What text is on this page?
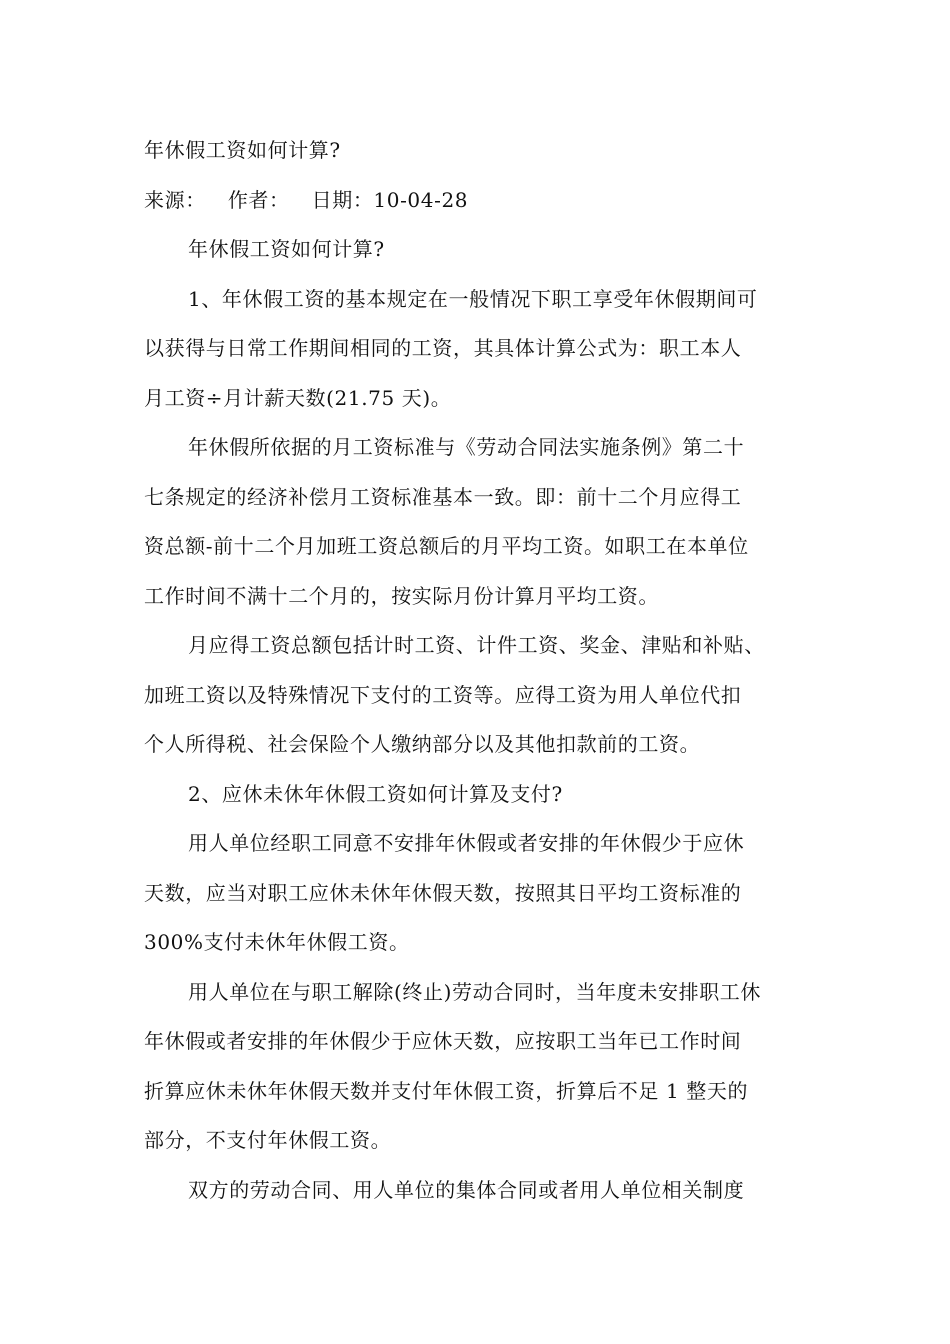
年休假工资如何计算?
来源： 作者： 日期：10-04-28
年休假工资如何计算?
1、年休假工资的基本规定在一般情况下职工享受年休假期间可
以获得与日常工作期间相同的工资，其具体计算公式为：职工本人
月工资÷月计薪天数(21.75 天)。
年休假所依据的月工资标准与《劳动合同法实施条例》第二十
七条规定的经济补偿月工资标准基本一致。即：前十二个月应得工
资总额-前十二个月加班工资总额后的月平均工资。如职工在本单位
工作时间不满十二个月的，按实际月份计算月平均工资。
月应得工资总额包括计时工资、计件工资、奖金、津贴和补贴、
加班工资以及特殊情况下支付的工资等。应得工资为用人单位代扣
个人所得税、社会保险个人缴纳部分以及其他扣款前的工资。
2、应休未休年休假工资如何计算及支付?
用人单位经职工同意不安排年休假或者安排的年休假少于应休
天数，应当对职工应休未休年休假天数，按照其日平均工资标准的
300%支付未休年休假工资。
用人单位在与职工解除(终止)劳动合同时，当年度未安排职工休
年休假或者安排的年休假少于应休天数，应按职工当年已工作时间
折算应休未休年休假天数并支付年休假工资，折算后不足 1 整天的
部分，不支付年休假工资。
双方的劳动合同、用人单位的集体合同或者用人单位相关制度
